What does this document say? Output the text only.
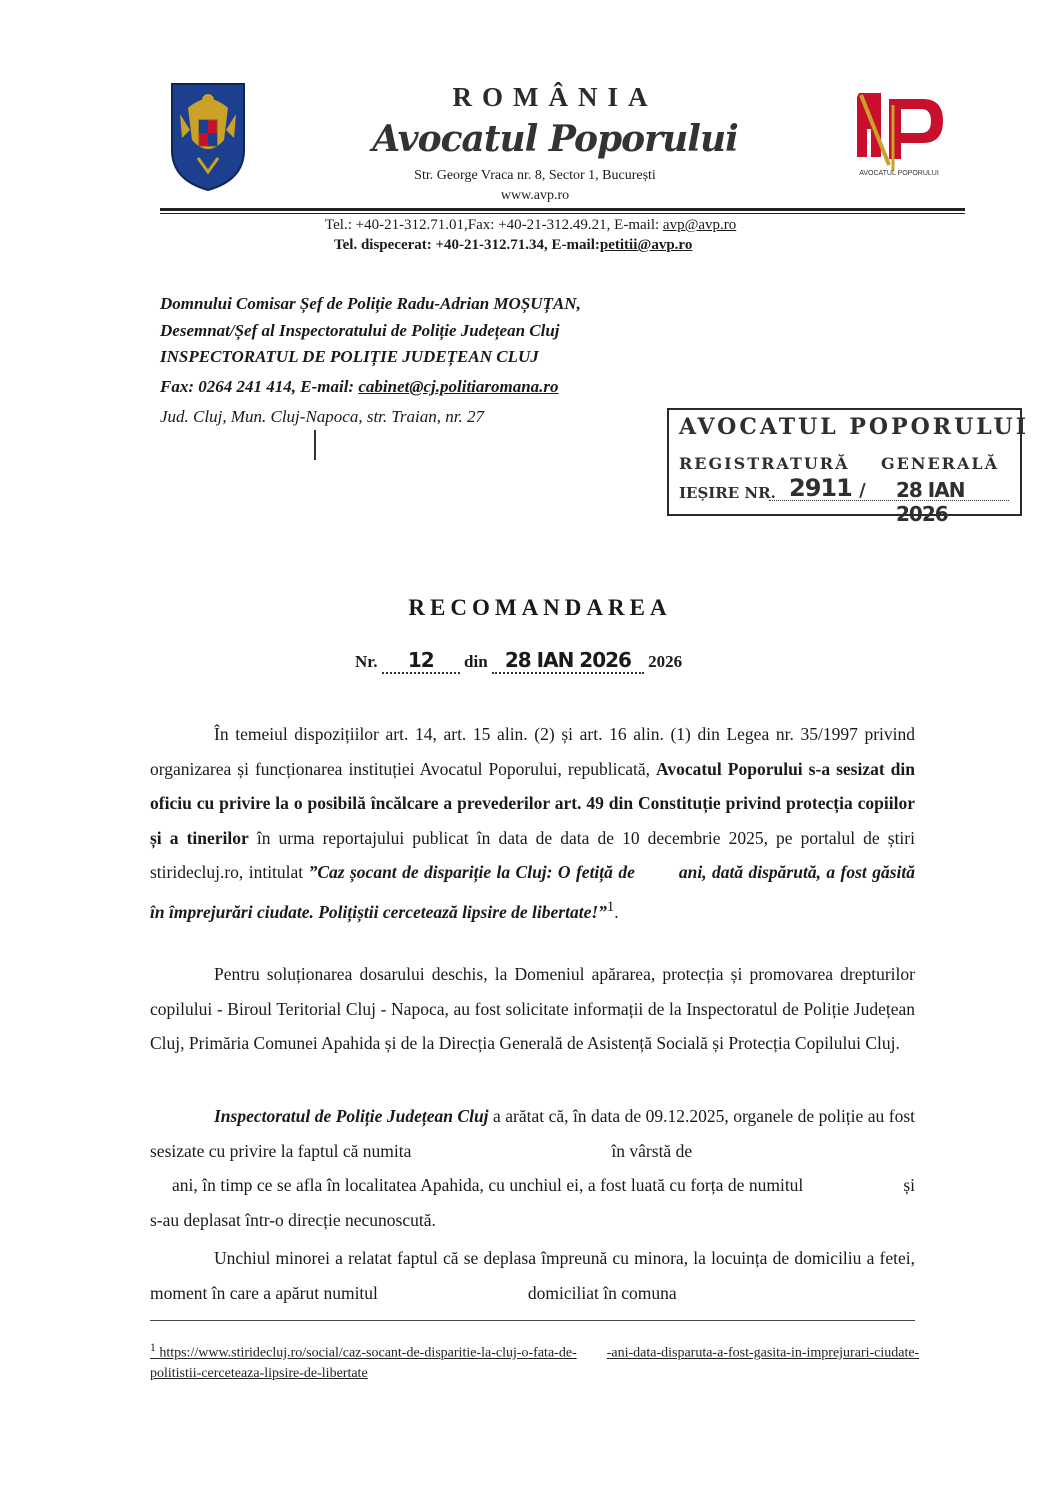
ROMÂNIA
Avocatul Poporului
Str. George Vraca nr. 8, Sector 1, București
www.avp.ro
AVOCATUL POPORULUI
Tel.: +40-21-312.71.01,Fax: +40-21-312.49.21, E-mail: avp@avp.ro
Tel. dispecerat: +40-21-312.71.34, E-mail:petitii@avp.ro
Domnului Comisar Șef de Poliție Radu-Adrian MOȘUȚAN,
Desemnat/Șef al Inspectoratului de Poliție Județean Cluj
INSPECTORATUL DE POLIȚIE JUDEȚEAN CLUJ
Fax: 0264 241 414, E-mail: cabinet@cj.politiaromana.ro
Jud. Cluj, Mun. Cluj-Napoca, str. Traian, nr. 27	AVOCATUL POPORULUI
REGISTRATURĂ GENERALĂ
IEȘIRE NR. 2911 / 28 IAN 2026
RECOMANDAREA
Nr. 12 din 28 IAN 2026 2026
În temeiul dispozițiilor art. 14, art. 15 alin. (2) și art. 16 alin. (1) din Legea nr. 35/1997 privind organizarea și funcționarea instituției Avocatul Poporului, republicată, Avocatul Poporului s-a sesizat din oficiu cu privire la o posibilă încălcare a prevederilor art. 49 din Constituție privind protecția copiilor și a tinerilor în urma reportajului publicat în data de data de 10 decembrie 2025, pe portalul de știri stiridecluj.ro, intitulat ”Caz șocant de dispariție la Cluj: O fetiță de	ani, dată dispărută, a fost găsită în împrejurări ciudate. Polițiștii cercetează lipsire de libertate!”$^1$.
Pentru soluționarea dosarului deschis, la Domeniul apărarea, protecția și promovarea drepturilor copilului - Biroul Teritorial Cluj - Napoca, au fost solicitate informații de la Inspectoratul de Poliție Județean Cluj, Primăria Comunei Apahida și de la Direcția Generală de Asistență Socială și Protecția Copilului Cluj.
Inspectoratul de Poliție Județean Cluj a arătat că, în data de 09.12.2025, organele de poliție au fost sesizate cu privire la faptul că numita	în vârstă de
ani, în timp ce se afla în localitatea Apahida, cu unchiul ei, a fost luată cu forța de numitul	și s-au deplasat într-o direcție necunoscută.
Unchiul minorei a relatat faptul că se deplasa împreună cu minora, la locuința de domiciliu a fetei, moment în care a apărut numitul	domiciliat în comuna
$^1$ https://www.stiridecluj.ro/social/caz-socant-de-disparitie-la-cluj-o-fata-de- -ani-data-disparuta-a-fost-gasita-in-imprejurari-ciudate-politistii-cerceteaza-lipsire-de-libertate
